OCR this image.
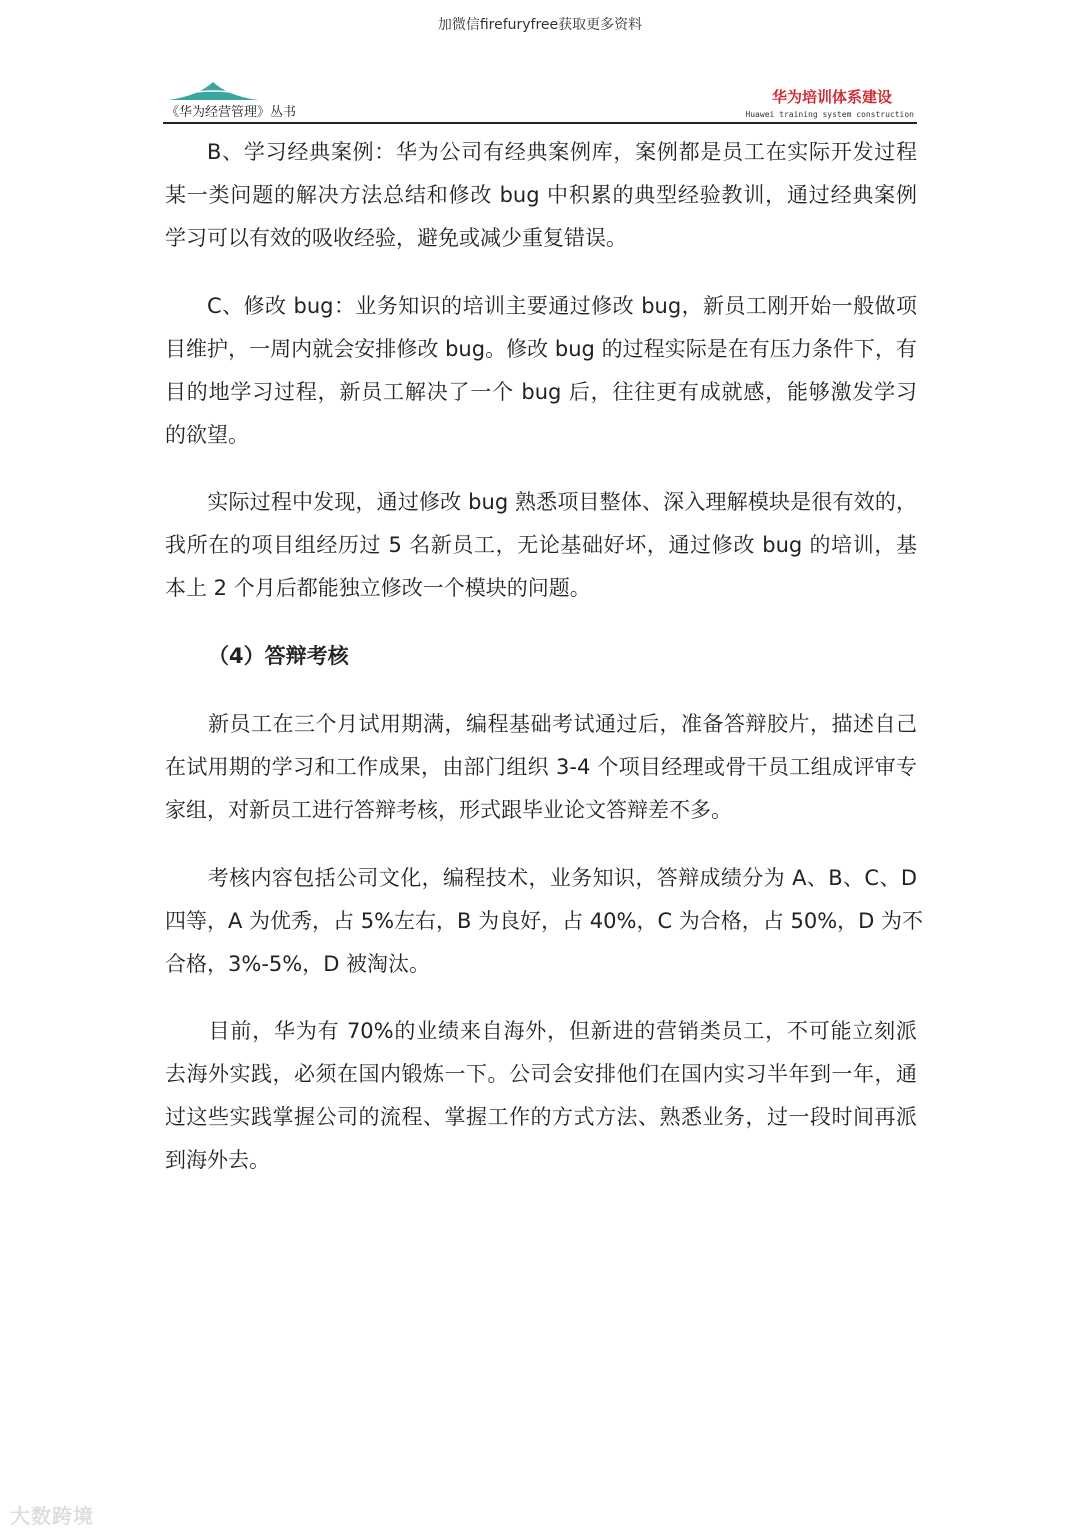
加微信firefuryfree获取更多资料
《华为经营管理》丛书
华为培训体系建设
Huawei training system construction
B、学习经典案例：华为公司有经典案例库，案例都是员工在实际开发过程
某一类问题的解决方法总结和修改 bug 中积累的典型经验教训，通过经典案例
学习可以有效的吸收经验，避免或减少重复错误。
C、修改 bug：业务知识的培训主要通过修改 bug，新员工刚开始一般做项
目维护，一周内就会安排修改 bug。修改 bug 的过程实际是在有压力条件下，有
目的地学习过程，新员工解决了一个 bug 后，往往更有成就感，能够激发学习
的欲望。
　　实际过程中发现，通过修改 bug 熟悉项目整体、深入理解模块是很有效的，
我所在的项目组经历过 5 名新员工，无论基础好坏，通过修改 bug 的培训，基
本上 2 个月后都能独立修改一个模块的问题。
（4）答辩考核
　　新员工在三个月试用期满，编程基础考试通过后，准备答辩胶片，描述自己
在试用期的学习和工作成果，由部门组织 3-4 个项目经理或骨干员工组成评审专
家组，对新员工进行答辩考核，形式跟毕业论文答辩差不多。
　　考核内容包括公司文化，编程技术，业务知识，答辩成绩分为 A、B、C、D
四等，A 为优秀，占 5%左右，B 为良好，占 40%，C 为合格，占 50%，D 为不
合格，3%-5%，D 被淘汰。
　　目前，华为有 70%的业绩来自海外，但新进的营销类员工，不可能立刻派
去海外实践，必须在国内锻炼一下。公司会安排他们在国内实习半年到一年，通
过这些实践掌握公司的流程、掌握工作的方式方法、熟悉业务，过一段时间再派
到海外去。
大数跨境
